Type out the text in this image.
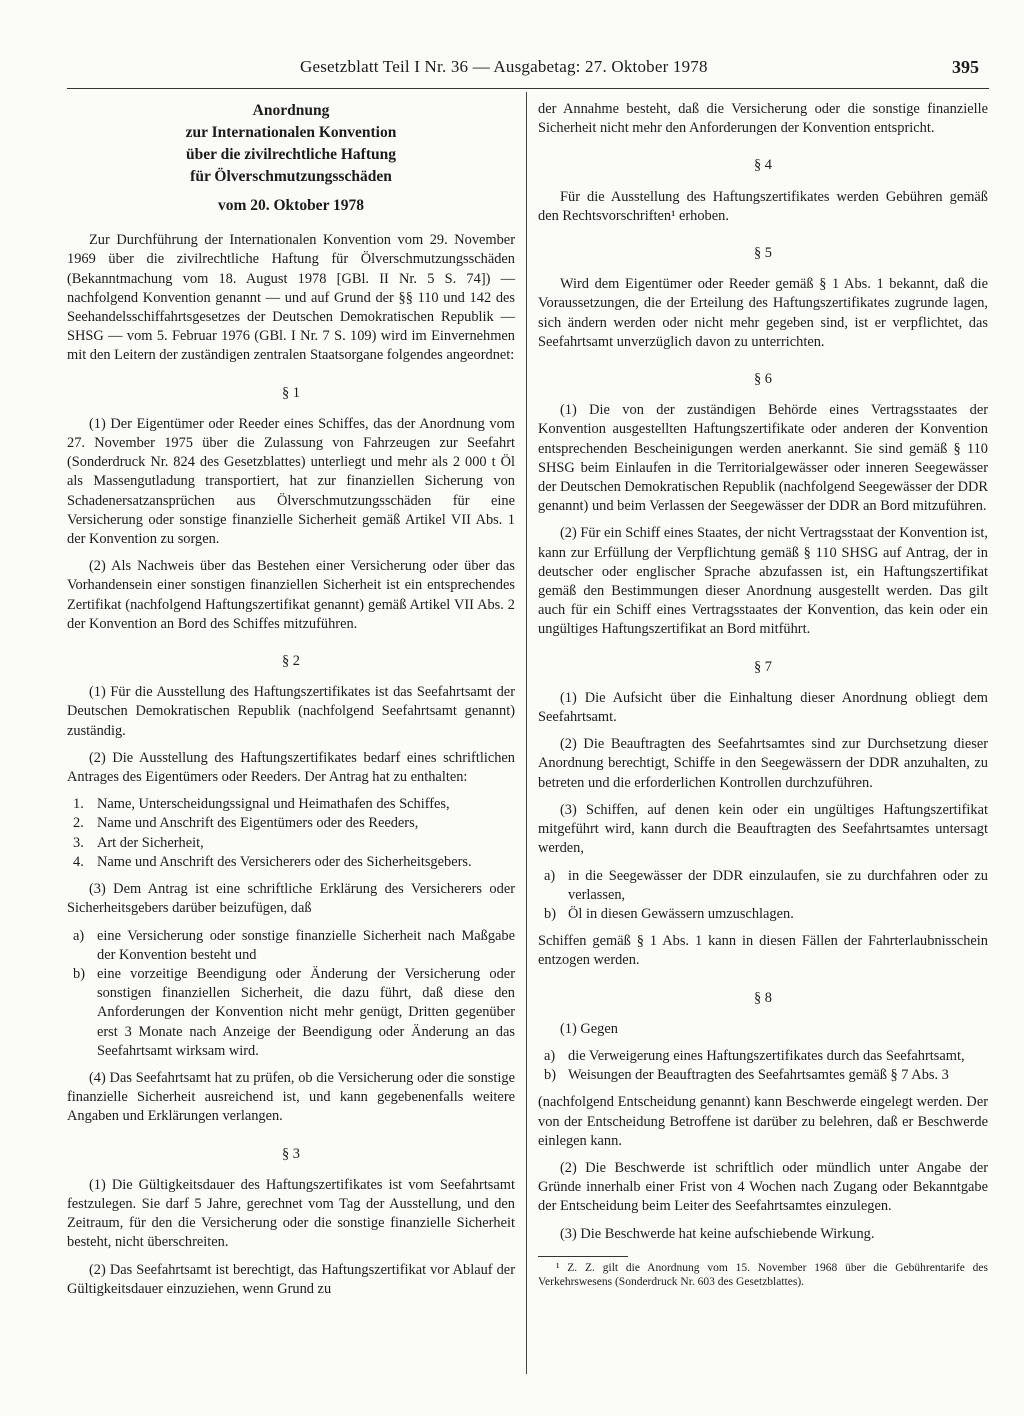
Gesetzblatt Teil I Nr. 36 — Ausgabetag: 27. Oktober 1978	395
Anordnung
zur Internationalen Konvention
über die zivilrechtliche Haftung
für Ölverschmutzungsschäden
vom 20. Oktober 1978

Zur Durchführung der Internationalen Konvention vom 29. November 1969 über die zivilrechtliche Haftung für Ölverschmutzungsschäden (Bekanntmachung vom 18. August 1978 [GBl. II Nr. 5 S. 74]) — nachfolgend Konvention genannt — und auf Grund der §§ 110 und 142 des Seehandelsschiffahrtsgesetzes der Deutschen Demokratischen Republik — SHSG — vom 5. Februar 1976 (GBl. I Nr. 7 S. 109) wird im Einvernehmen mit den Leitern der zuständigen zentralen Staatsorgane folgendes angeordnet:

§ 1

(1) Der Eigentümer oder Reeder eines Schiffes, das der Anordnung vom 27. November 1975 über die Zulassung von Fahrzeugen zur Seefahrt (Sonderdruck Nr. 824 des Gesetzblattes) unterliegt und mehr als 2 000 t Öl als Massengutladung transportiert, hat zur finanziellen Sicherung von Schadenersatzansprüchen aus Ölverschmutzungsschäden für eine Versicherung oder sonstige finanzielle Sicherheit gemäß Artikel VII Abs. 1 der Konvention zu sorgen.

(2) Als Nachweis über das Bestehen einer Versicherung oder über das Vorhandensein einer sonstigen finanziellen Sicherheit ist ein entsprechendes Zertifikat (nachfolgend Haftungszertifikat genannt) gemäß Artikel VII Abs. 2 der Konvention an Bord des Schiffes mitzuführen.

§ 2

(1) Für die Ausstellung des Haftungszertifikates ist das Seefahrtsamt der Deutschen Demokratischen Republik (nachfolgend Seefahrtsamt genannt) zuständig.

(2) Die Ausstellung des Haftungszertifikates bedarf eines schriftlichen Antrages des Eigentümers oder Reeders. Der Antrag hat zu enthalten:

1. Name, Unterscheidungssignal und Heimathafen des Schiffes,
2. Name und Anschrift des Eigentümers oder des Reeders,
3. Art der Sicherheit,
4. Name und Anschrift des Versicherers oder des Sicherheitsgebers.

(3) Dem Antrag ist eine schriftliche Erklärung des Versicherers oder Sicherheitsgebers darüber beizufügen, daß

a) eine Versicherung oder sonstige finanzielle Sicherheit nach Maßgabe der Konvention besteht und
b) eine vorzeitige Beendigung oder Änderung der Versicherung oder sonstigen finanziellen Sicherheit, die dazu führt, daß diese den Anforderungen der Konvention nicht mehr genügt, Dritten gegenüber erst 3 Monate nach Anzeige der Beendigung oder Änderung an das Seefahrtsamt wirksam wird.

(4) Das Seefahrtsamt hat zu prüfen, ob die Versicherung oder die sonstige finanzielle Sicherheit ausreichend ist, und kann gegebenenfalls weitere Angaben und Erklärungen verlangen.

§ 3

(1) Die Gültigkeitsdauer des Haftungszertifikates ist vom Seefahrtsamt festzulegen. Sie darf 5 Jahre, gerechnet vom Tag der Ausstellung, und den Zeitraum, für den die Versicherung oder die sonstige finanzielle Sicherheit besteht, nicht überschreiten.

(2) Das Seefahrtsamt ist berechtigt, das Haftungszertifikat vor Ablauf der Gültigkeitsdauer einzuziehen, wenn Grund zu

der Annahme besteht, daß die Versicherung oder die sonstige finanzielle Sicherheit nicht mehr den Anforderungen der Konvention entspricht.

§ 4

Für die Ausstellung des Haftungszertifikates werden Gebühren gemäß den Rechtsvorschriften¹ erhoben.

§ 5

Wird dem Eigentümer oder Reeder gemäß § 1 Abs. 1 bekannt, daß die Voraussetzungen, die der Erteilung des Haftungszertifikates zugrunde lagen, sich ändern werden oder nicht mehr gegeben sind, ist er verpflichtet, das Seefahrtsamt unverzüglich davon zu unterrichten.

§ 6

(1) Die von der zuständigen Behörde eines Vertragsstaates der Konvention ausgestellten Haftungszertifikate oder anderen der Konvention entsprechenden Bescheinigungen werden anerkannt. Sie sind gemäß § 110 SHSG beim Einlaufen in die Territorialgewässer oder inneren Seegewässer der Deutschen Demokratischen Republik (nachfolgend Seegewässer der DDR genannt) und beim Verlassen der Seegewässer der DDR an Bord mitzuführen.

(2) Für ein Schiff eines Staates, der nicht Vertragsstaat der Konvention ist, kann zur Erfüllung der Verpflichtung gemäß § 110 SHSG auf Antrag, der in deutscher oder englischer Sprache abzufassen ist, ein Haftungszertifikat gemäß den Bestimmungen dieser Anordnung ausgestellt werden. Das gilt auch für ein Schiff eines Vertragsstaates der Konvention, das kein oder ein ungültiges Haftungszertifikat an Bord mitführt.

§ 7

(1) Die Aufsicht über die Einhaltung dieser Anordnung obliegt dem Seefahrtsamt.

(2) Die Beauftragten des Seefahrtsamtes sind zur Durchsetzung dieser Anordnung berechtigt, Schiffe in den Seegewässern der DDR anzuhalten, zu betreten und die erforderlichen Kontrollen durchzuführen.

(3) Schiffen, auf denen kein oder ein ungültiges Haftungszertifikat mitgeführt wird, kann durch die Beauftragten des Seefahrtsamtes untersagt werden,

a) in die Seegewässer der DDR einzulaufen, sie zu durchfahren oder zu verlassen,
b) Öl in diesen Gewässern umzuschlagen.

Schiffen gemäß § 1 Abs. 1 kann in diesen Fällen der Fahrterlaubnisschein entzogen werden.

§ 8

(1) Gegen

a) die Verweigerung eines Haftungszertifikates durch das Seefahrtsamt,
b) Weisungen der Beauftragten des Seefahrtsamtes gemäß § 7 Abs. 3

(nachfolgend Entscheidung genannt) kann Beschwerde eingelegt werden. Der von der Entscheidung Betroffene ist darüber zu belehren, daß er Beschwerde einlegen kann.

(2) Die Beschwerde ist schriftlich oder mündlich unter Angabe der Gründe innerhalb einer Frist von 4 Wochen nach Zugang oder Bekanntgabe der Entscheidung beim Leiter des Seefahrtsamtes einzulegen.

(3) Die Beschwerde hat keine aufschiebende Wirkung.

¹ Z. Z. gilt die Anordnung vom 15. November 1968 über die Gebührentarife des Verkehrswesens (Sonderdruck Nr. 603 des Gesetzblattes).
